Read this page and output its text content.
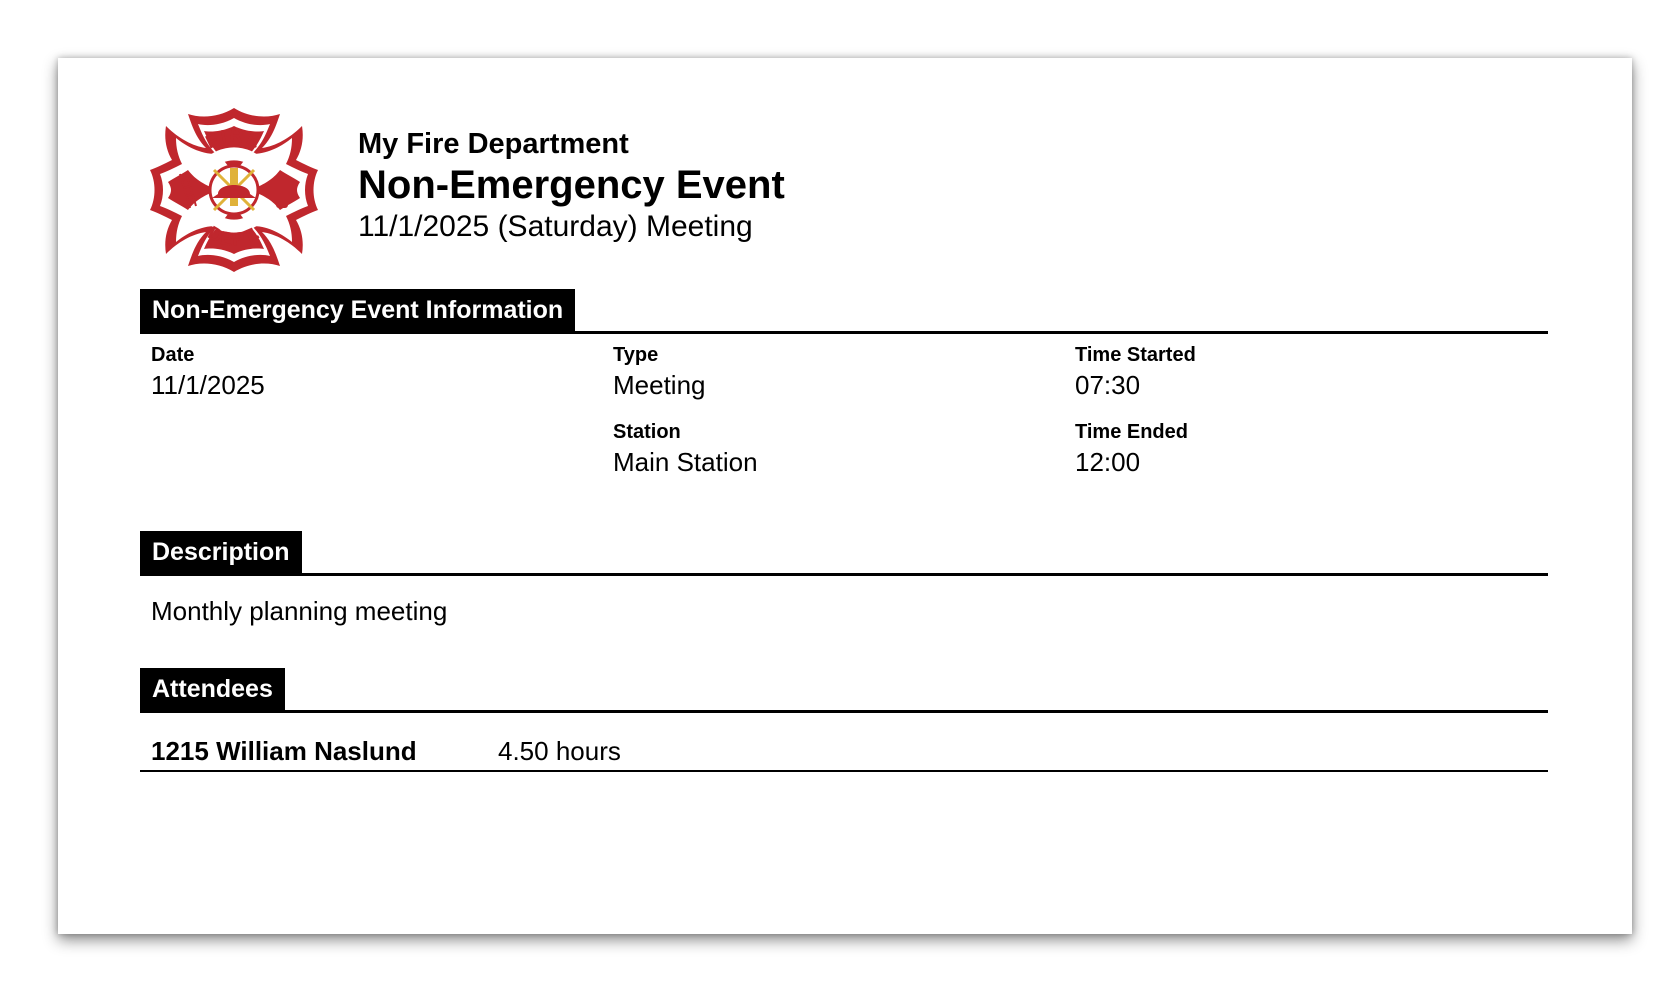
FIRE
DEPT.
My Fire Department
Non-Emergency Event
11/1/2025 (Saturday) Meeting
Non-Emergency Event Information
Date
11/1/2025
Type
Meeting
Time Started
07:30
Station
Main Station
Time Ended
12:00
Description
Monthly planning meeting
Attendees
1215 William Naslund	4.50 hours
